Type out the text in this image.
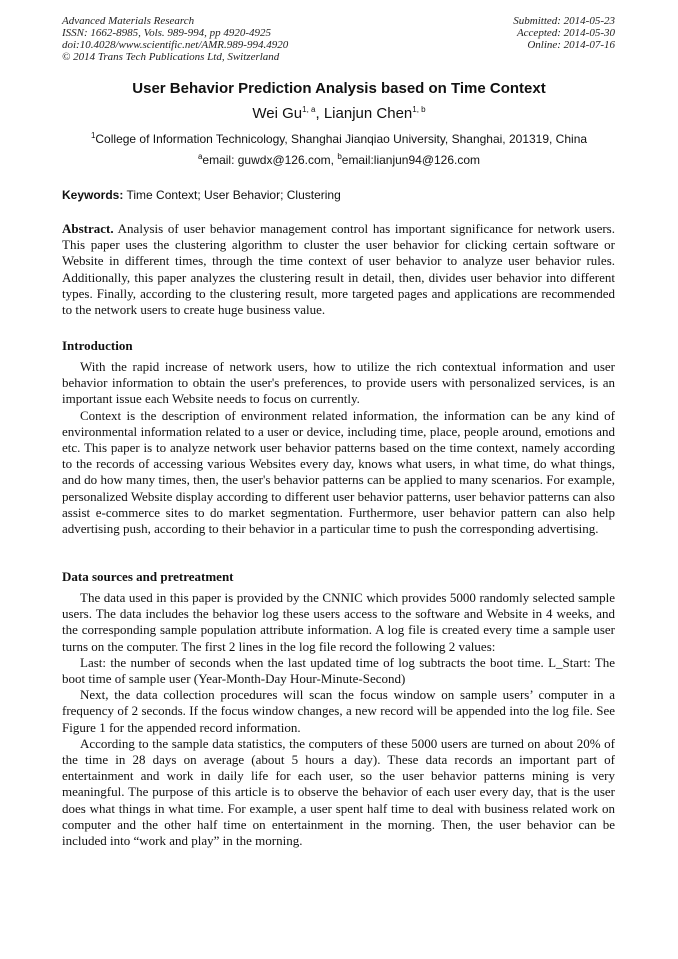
Advanced Materials Research
ISSN: 1662-8985, Vols. 989-994, pp 4920-4925
doi:10.4028/www.scientific.net/AMR.989-994.4920
© 2014 Trans Tech Publications Ltd, Switzerland
Submitted: 2014-05-23
Accepted: 2014-05-30
Online: 2014-07-16
User Behavior Prediction Analysis based on Time Context
Wei Gu$^{1, a}$, Lianjun Chen$^{1, b}$
$^1$College of Information Technicology, Shanghai Jianqiao University, Shanghai, 201319, China
$^a$email: guwdx@126.com, $^b$email:lianjun94@126.com
Keywords: Time Context; User Behavior; Clustering

Abstract. Analysis of user behavior management control has important significance for network users. This paper uses the clustering algorithm to cluster the user behavior for clicking certain software or Website in different times, through the time context of user behavior to analyze user behavior rules. Additionally, this paper analyzes the clustering result in detail, then, divides user behavior into different types. Finally, according to the clustering result, more targeted pages and applications are recommended to the network users to create huge business value.

Introduction

With the rapid increase of network users, how to utilize the rich contextual information and user behavior information to obtain the user's preferences, to provide users with personalized services, is an important issue each Website needs to focus on currently.

Context is the description of environment related information, the information can be any kind of environmental information related to a user or device, including time, place, people around, emotions and etc. This paper is to analyze network user behavior patterns based on the time context, namely according to the records of accessing various Websites every day, knows what users, in what time, do what things, and do how many times, then, the user's behavior patterns can be applied to many scenarios. For example, personalized Website display according to different user behavior patterns, user behavior patterns can also assist e-commerce sites to do market segmentation. Furthermore, user behavior pattern can also help advertising push, according to their behavior in a particular time to push the corresponding advertising.

Data sources and pretreatment

The data used in this paper is provided by the CNNIC which provides 5000 randomly selected sample users. The data includes the behavior log these users access to the software and Website in 4 weeks, and the corresponding sample population attribute information. A log file is created every time a sample user turns on the computer. The first 2 lines in the log file record the following 2 values:

Last: the number of seconds when the last updated time of log subtracts the boot time. L_Start: The boot time of sample user (Year-Month-Day Hour-Minute-Second)

Next, the data collection procedures will scan the focus window on sample users’ computer in a frequency of 2 seconds. If the focus window changes, a new record will be appended into the log file. See Figure 1 for the appended record information.

According to the sample data statistics, the computers of these 5000 users are turned on about 20% of the time in 28 days on average (about 5 hours a day). These data records an important part of entertainment and work in daily life for each user, so the user behavior patterns mining is very meaningful. The purpose of this article is to observe the behavior of each user every day, that is the user does what things in what time. For example, a user spent half time to deal with business related work on computer and the other half time on entertainment in the morning. Then, the user behavior can be included into “work and play” in the morning.
